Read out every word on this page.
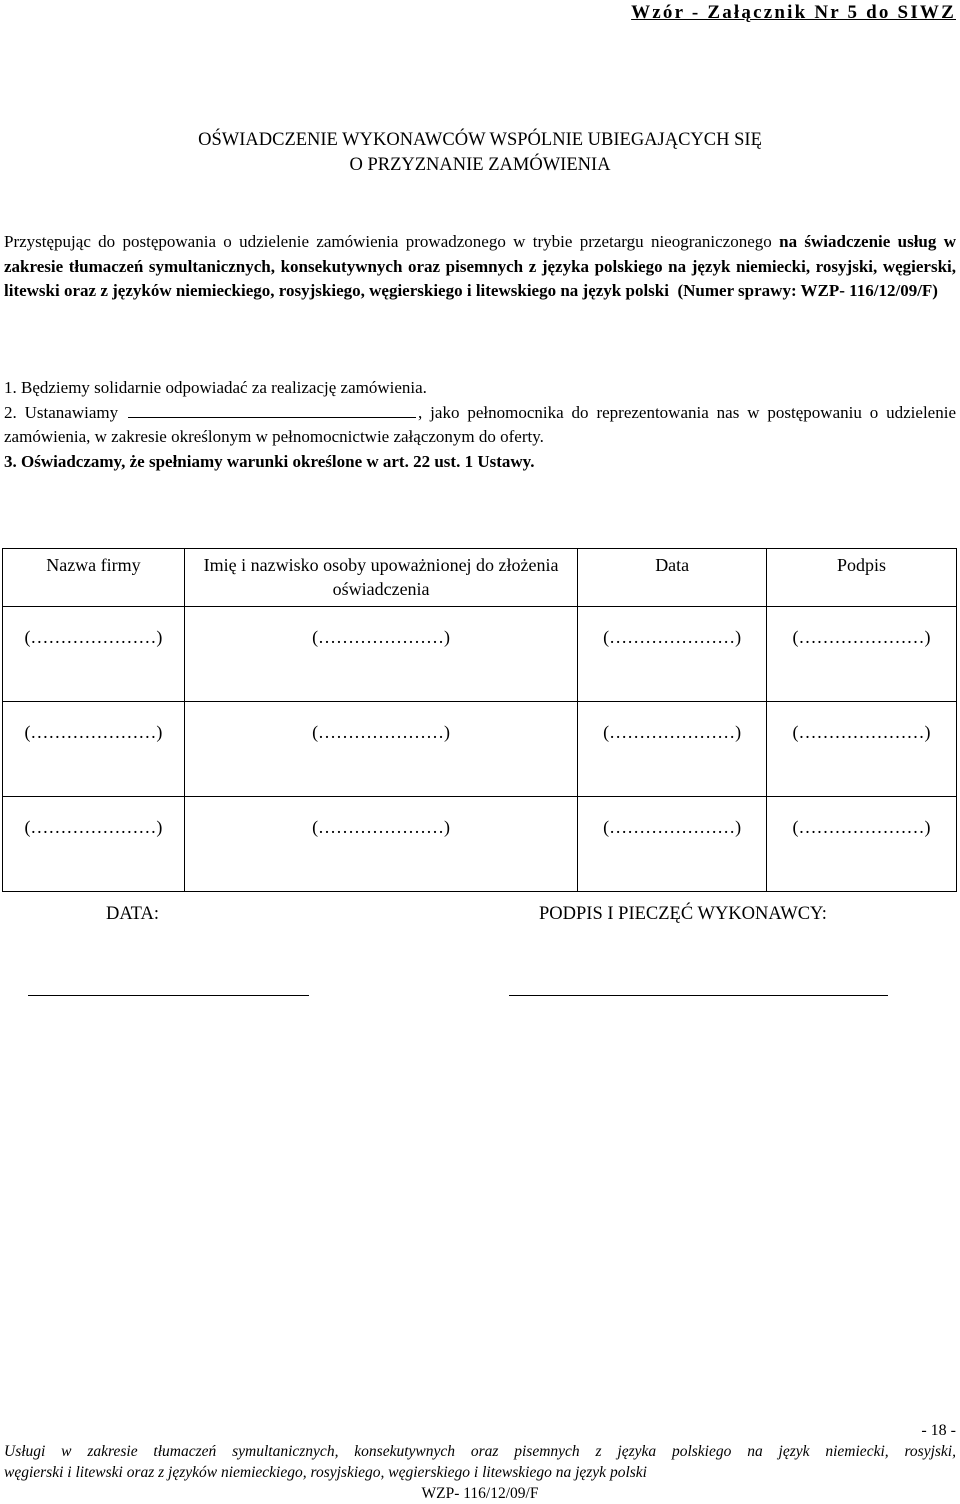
Wzór - Załącznik Nr 5 do SIWZ
OŚWIADCZENIE WYKONAWCÓW WSPÓLNIE UBIEGAJĄCYCH SIĘ
O PRZYZNANIE ZAMÓWIENIA

Przystępując do postępowania o udzielenie zamówienia prowadzonego w trybie przetargu nieograniczonego na świadczenie usług w zakresie tłumaczeń symultanicznych, konsekutywnych oraz pisemnych z języka polskiego na język niemiecki, rosyjski, węgierski, litewski oraz z języków niemieckiego, rosyjskiego, węgierskiego i litewskiego na język polski (Numer sprawy: WZP- 116/12/09/F)

1. Będziemy solidarnie odpowiadać za realizację zamówienia.

2. Ustanawiamy	, jako pełnomocnika do reprezentowania nas w postępowaniu o udzielenie zamówienia, w zakresie określonym w pełnomocnictwie załączonym do oferty.

3. Oświadczamy, że spełniamy warunki określone w art. 22 ust. 1 Ustawy.

Nazwa firmy	Imię i nazwisko osoby upoważnionej do złożenia oświadczenia	Data	Podpis
(…………………)	(…………………)	(…………………)	(…………………)
(…………………)	(…………………)	(…………………)	(…………………)
(…………………)	(…………………)	(…………………)	(…………………)
DATA:	PODPIS I PIECZĘĆ WYKONAWCY:
- 18 -

Usługi w zakresie tłumaczeń symultanicznych, konsekutywnych oraz pisemnych z języka polskiego na język niemiecki, rosyjski,

węgierski i litewski oraz z języków niemieckiego, rosyjskiego, węgierskiego i litewskiego na język polski

WZP- 116/12/09/F
